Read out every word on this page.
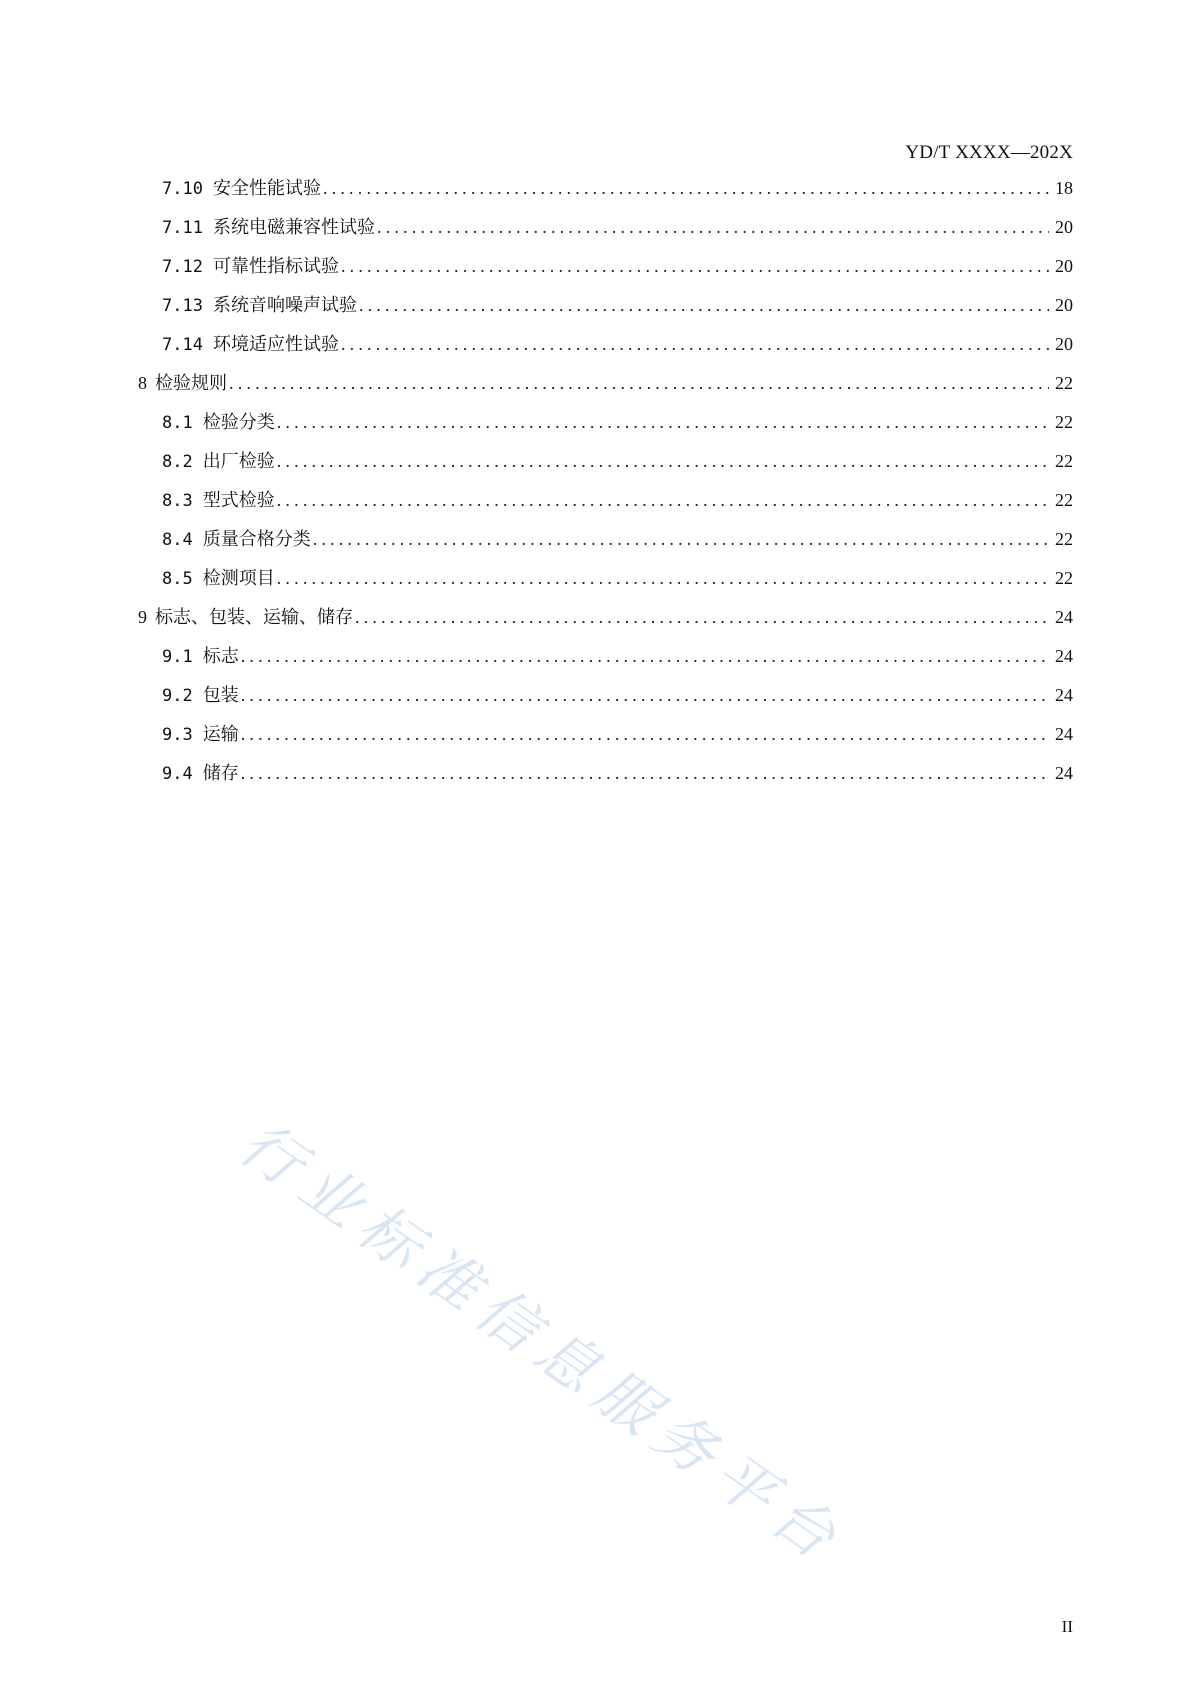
YD/T XXXX—202X
7.10 安全性能试验 .....	18
7.11 系统电磁兼容性试验 .....	20
7.12 可靠性指标试验 .....	20
7.13 系统音响噪声试验 .....	20
7.14 环境适应性试验 .....	20
8 检验规则 .....	22
8.1 检验分类 .....	22
8.2 出厂检验 .....	22
8.3 型式检验 .....	22
8.4 质量合格分类 .....	22
8.5 检测项目 .....	22
9 标志、包装、运输、储存 .....	24
9.1 标志 .....	24
9.2 包装 .....	24
9.3 运输 .....	24
9.4 储存 .....	24
行业标准信息服务平台
II
